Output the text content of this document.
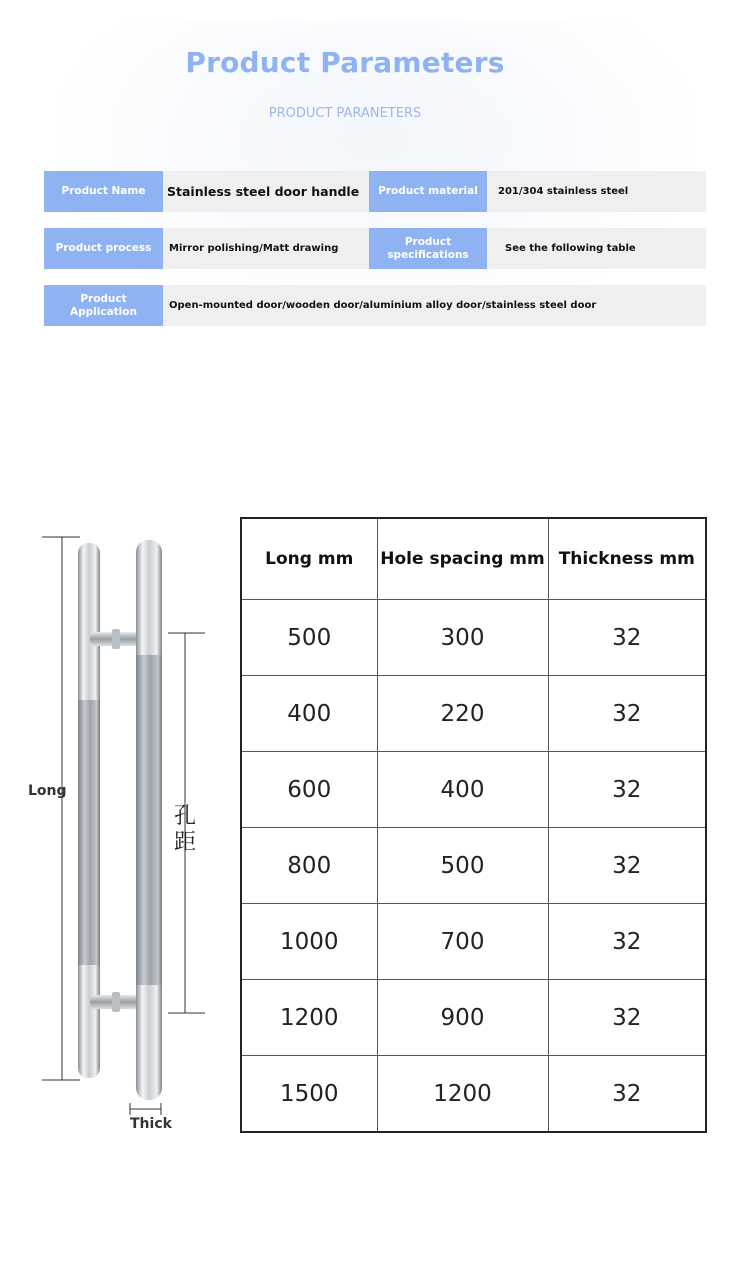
Product Parameters
PRODUCT PARANETERS
Product Name	Stainless steel door handle	Product material	201/304 stainless steel
Product process	Mirror polishing/Matt drawing
Product specifications	See the following table
Product Application	Open-mounted door/wooden door/aluminium alloy door/stainless steel door
Long
孔距
Thick
Long mm	Hole spacing mm	Thickness mm
500	300	32
400	220	32
600	400	32
800	500	32
1000	700	32
1200	900	32
1500	1200	32
